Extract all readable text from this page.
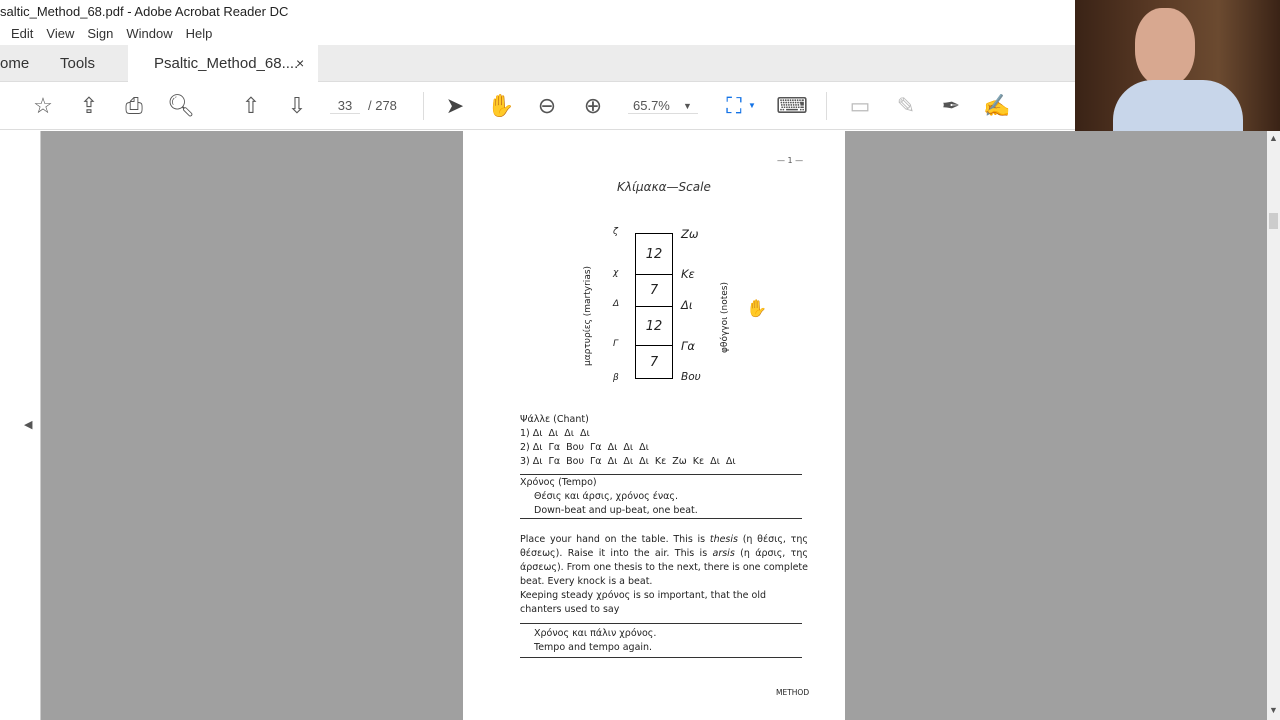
saltic_Method_68.pdf - Adobe Acrobat Reader DC
Edit View Sign Window Help
ome Tools	Psaltic_Method_68....
×
☆ ⇪ ⎙ 🔍︎ ⇧ ⇩	33	/ 278 ➤ ✋ ⊖ ⊕	65.7% ▼ ⛶ ▼ ⌨ ▭ ✎ ✒ ✍
◀
▲
▼
— 1 —
Κλίμακα—Scale
μαρτυρίες (martyrias)	φθόγγοι (notes)
12
7
12
7
Ζω
Κε
Δι
Γα
Βου
ζ
χ
Δ
Γ
β
✋
Ψάλλε (Chant)
1) Δι  Δι  Δι  Δι
2) Δι  Γα  Βου  Γα  Δι  Δι  Δι
3) Δι  Γα  Βου  Γα  Δι  Δι  Δι  Κε  Ζω  Κε  Δι  Δι
Χρόνος (Tempo)
Θέσις και άρσις, χρόνος ένας.
Down-beat and up-beat, one beat.
Place your hand on the table. This is thesis (η θέσις, της θέσεως). Raise it into the air. This is arsis (η άρσις, της άρσεως). From one thesis to the next, there is one complete beat. Every knock is a beat.
Keeping steady χρόνος is so important, that the old chanters used to say
Χρόνος και πάλιν χρόνος.
Tempo and tempo again.
METHOD
